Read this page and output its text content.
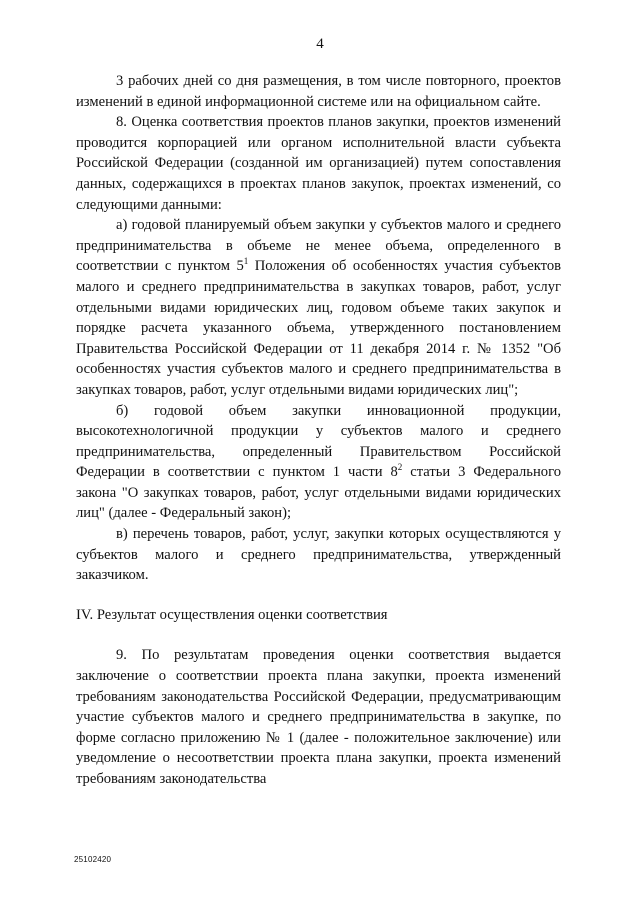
4

3 рабочих дней со дня размещения, в том числе повторного, проектов изменений в единой информационной системе или на официальном сайте.

8. Оценка соответствия проектов планов закупки, проектов изменений проводится корпорацией или органом исполнительной власти субъекта Российской Федерации (созданной им организацией) путем сопоставления данных, содержащихся в проектах планов закупок, проектах изменений, со следующими данными:

а) годовой планируемый объем закупки у субъектов малого и среднего предпринимательства в объеме не менее объема, определенного в соответствии с пунктом $5^1$ Положения об особенностях участия субъектов малого и среднего предпринимательства в закупках товаров, работ, услуг отдельными видами юридических лиц, годовом объеме таких закупок и порядке расчета указанного объема, утвержденного постановлением Правительства Российской Федерации от 11 декабря 2014 г. № 1352 "Об особенностях участия субъектов малого и среднего предпринимательства в закупках товаров, работ, услуг отдельными видами юридических лиц";

б) годовой объем закупки инновационной продукции, высокотехнологичной продукции у субъектов малого и среднего предпринимательства, определенный Правительством Российской Федерации в соответствии с пунктом 1 части $8^2$ статьи 3 Федерального закона "О закупках товаров, работ, услуг отдельными видами юридических лиц" (далее - Федеральный закон);

в) перечень товаров, работ, услуг, закупки которых осуществляются у субъектов малого и среднего предпринимательства, утвержденный заказчиком.

IV. Результат осуществления оценки соответствия

9. По результатам проведения оценки соответствия выдается заключение о соответствии проекта плана закупки, проекта изменений требованиям законодательства Российской Федерации, предусматривающим участие субъектов малого и среднего предпринимательства в закупке, по форме согласно приложению № 1 (далее - положительное заключение) или уведомление о несоответствии проекта плана закупки, проекта изменений требованиям законодательства

25102420
